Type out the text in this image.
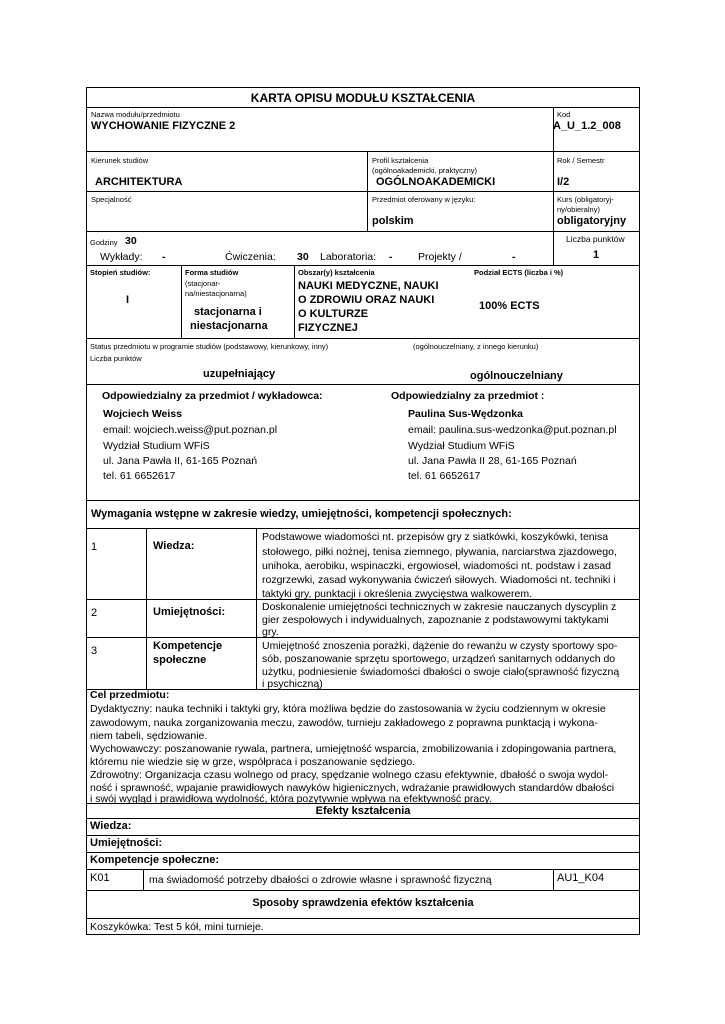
KARTA OPISU MODUŁU KSZTAŁCENIA
Nazwa modułu/przedmiotu
WYCHOWANIE FIZYCZNE 2
Kod
A_U_1.2_008
Kierunek studiów
ARCHITEKTURA
Profil kształcenia
(ogólnoakademicki, praktyczny)
OGÓLNOAKADEMICKI
Rok / Semestr
I/2
Specjalność	Przedmiot oferowany w języku:
polskim
Kurs (obligatoryj-
ny/obieralny)
obligatoryjny
Godziny 30
Wykłady: -	Ćwiczenia: 30 Laboratoria: - Projekty /	-
Liczba punktów
1
Stopień studiów:
I
Forma studiów
(stacjonar-
na/niestacjonarna)
stacjonarna i
niestacjonarna
Obszar(y) kształcenia
NAUKI MEDYCZNE, NAUKI
O ZDROWIU ORAZ NAUKI
O KULTURZE
FIZYCZNEJ
Podział ECTS (liczba i %)
100% ECTS
Status przedmiotu w programie studiów (podstawowy, kierunkowy, inny)	(ogólnouczelniany, z innego kierunku)
Liczba punktów
uzupełniający	ogólnouczelniany
Odpowiedzialny za przedmiot / wykładowca:
Wojciech Weiss
email: wojciech.weiss@put.poznan.pl
Wydział Studium WFiS
ul. Jana Pawła II, 61-165 Poznań
tel. 61 6652617
Odpowiedzialny za przedmiot :
Paulina Sus-Wędzonka
email: paulina.sus-wedzonka@put.poznan.pl
Wydział Studium WFiS
ul. Jana Pawła II 28, 61-165 Poznań
tel. 61 6652617
Wymagania wstępne w zakresie wiedzy, umiejętności, kompetencji społecznych:
1	Wiedza:
Podstawowe wiadomości nt. przepisów gry z siatkówki, koszykówki, tenisa
stołowego, piłki nożnej, tenisa ziemnego, pływania, narciarstwa zjazdowego,
unihoka, aerobiku, wspinaczki, ergowioseł, wiadomości nt. podstaw i zasad
rozgrzewki, zasad wykonywania ćwiczeń siłowych. Wiadomości nt. techniki i
taktyki gry, punktacji i określenia zwycięstwa walkowerem.
2	Umiejętności:	Doskonalenie umiejętności technicznych w zakresie nauczanych dyscyplin z
gier zespołowych i indywidualnych, zapoznanie z podstawowymi taktykami
gry.
3	Kompetencje
społeczne
Umiejętność znoszenia porażki, dążenie do rewanżu w czysty sportowy spo-
sób, poszanowanie sprzętu sportowego, urządzeń sanitarnych oddanych do
użytku, podniesienie świadomości dbałości o swoje ciało(sprawność fizyczną
i psychiczną)
Cel przedmiotu:
Dydaktyczny: nauka techniki i taktyki gry, która możliwa będzie do zastosowania w życiu codziennym w okresie
zawodowym, nauka zorganizowania meczu, zawodów, turnieju zakładowego z poprawna punktacją i wykona-
niem tabeli, sędziowanie.
Wychowawczy: poszanowanie rywala, partnera, umiejętność wsparcia, zmobilizowania i zdopingowania partnera,
któremu nie wiedzie się w grze, współpraca i poszanowanie sędziego.
Zdrowotny: Organizacja czasu wolnego od pracy, spędzanie wolnego czasu efektywnie, dbałość o swoja wydol-
ność i sprawność, wpajanie prawidłowych nawyków higienicznych, wdrażanie prawidłowych standardów dbałości
i swój wygląd i prawidłową wydolność, która pozytywnie wpływa na efektywność pracy.
Efekty kształcenia
Wiedza:
Umiejętności:
Kompetencje społeczne:
K01	ma świadomość potrzeby dbałości o zdrowie własne i sprawność fizyczną	AU1_K04
Sposoby sprawdzenia efektów kształcenia
Koszykówka: Test 5 kół, mini turnieje.
